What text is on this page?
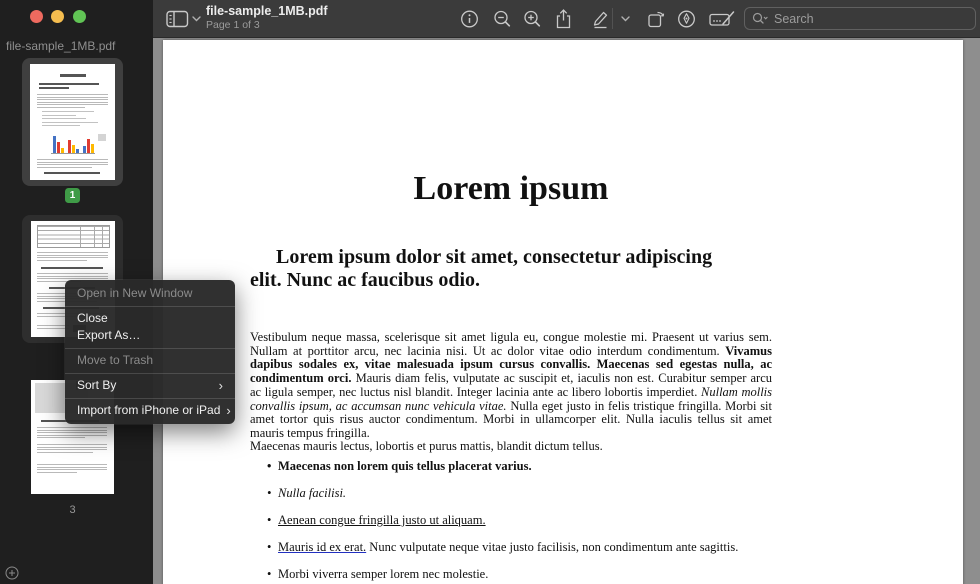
file-sample_1MB.pdf
1
3
file-sample_1MB.pdf
Page 1 of 3
Search
Lorem ipsum
Lorem ipsum dolor sit amet, consectetur adipiscing elit. Nunc ac faucibus odio.
Vestibulum neque massa, scelerisque sit amet ligula eu, congue molestie mi. Praesent ut varius sem. Nullam at porttitor arcu, nec lacinia nisi. Ut ac dolor vitae odio interdum condimentum. Vivamus dapibus sodales ex, vitae malesuada ipsum cursus convallis. Maecenas sed egestas nulla, ac condimentum orci. Mauris diam felis, vulputate ac suscipit et, iaculis non est. Curabitur semper arcu ac ligula semper, nec luctus nisl blandit. Integer lacinia ante ac libero lobortis imperdiet. Nullam mollis convallis ipsum, ac accumsan nunc vehicula vitae. Nulla eget justo in felis tristique fringilla. Morbi sit amet tortor quis risus auctor condimentum. Morbi in ullamcorper elit. Nulla iaculis tellus sit amet mauris tempus fringilla.
Maecenas mauris lectus, lobortis et purus mattis, blandit dictum tellus.
• Maecenas non lorem quis tellus placerat varius.
• Nulla facilisi.
• Aenean congue fringilla justo ut aliquam.
• Mauris id ex erat. Nunc vulputate neque vitae justo facilisis, non condimentum ante sagittis.
• Morbi viverra semper lorem nec molestie.
Open in New Window
Close
Export As…
Move to Trash
Sort By	›
Import from iPhone or iPad ›
